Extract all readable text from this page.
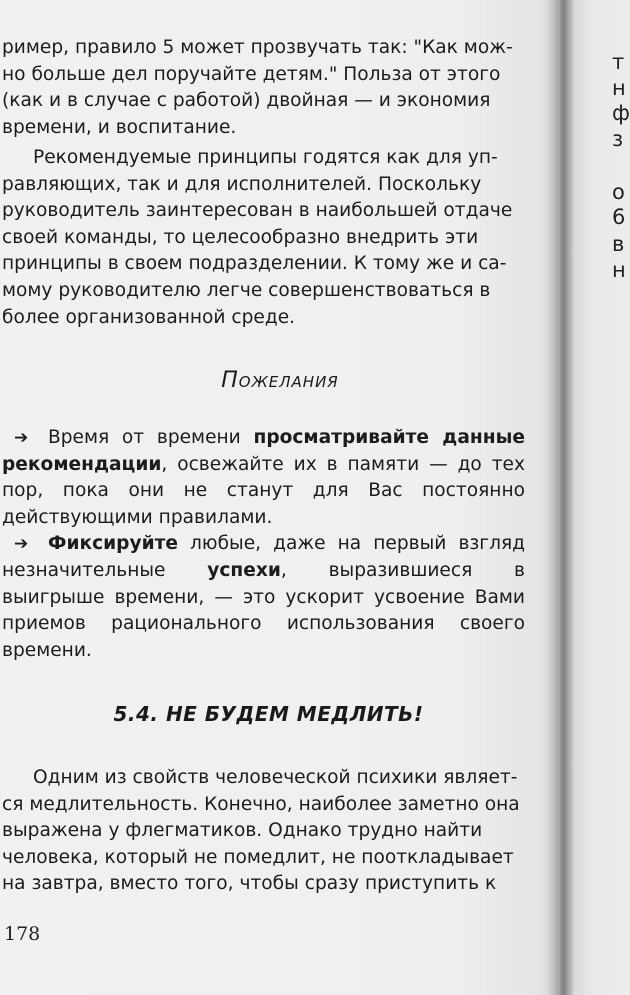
т
н
ф
з
о
6
в
н

ример, правило 5 может прозвучать так: "Как мож-

но больше дел поручайте детям." Польза от этого

(как и в случае с работой) двойная — и экономия

времени, и воспитание.

Рекомендуемые принципы годятся как для уп-

равляющих, так и для исполнителей. Поскольку

руководитель заинтересован в наибольшей отдаче

своей команды, то целесообразно внедрить эти

принципы в своем подразделении. К тому же и са-

мому руководителю легче совершенствоваться в

более организованной среде.

Пожелания

➔ Время от времени просматривайте данные рекомендации, освежайте их в памяти — до тех пор, пока они не станут для Вас постоянно действующими правилами.

➔ Фиксируйте любые, даже на первый взгляд незначительные успехи, выразившиеся в выигрыше времени, — это ускорит усвоение Вами приемов рационального использования своего времени.

5.4. НЕ БУДЕМ МЕДЛИТЬ!

Одним из свойств человеческой психики являет-

ся медлительность. Конечно, наиболее заметно она

выражена у флегматиков. Однако трудно найти

человека, который не помедлит, не поотклaдывает

на завтра, вместо того, чтобы сразу приступить к

178
